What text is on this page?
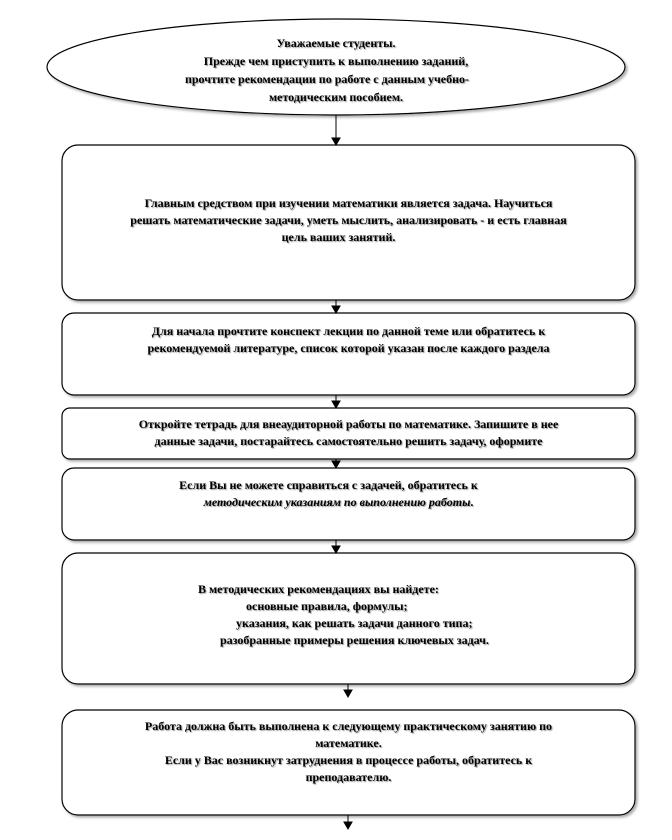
Уважаемые студенты.
Прежде чем приступить к выполнению заданий,
прочтите рекомендации по работе с данным учебно-
методическим пособием.
Главным средством при изучении математики является задача. Научиться
решать математические задачи, уметь мыслить, анализировать - и есть главная
цель ваших занятий.
Для начала прочтите конспект лекции по данной теме или обратитесь к
рекомендуемой литературе, список которой указан после каждого раздела
Откройте тетрадь для внеаудиторной работы по математике. Запишите в нее
данные задачи, постарайтесь самостоятельно решить задачу, оформите
Если Вы не можете справиться с задачей, обратитесь к
методическим указаниям по выполнению работы.
В методических рекомендациях вы найдете:
основные правила, формулы;
указания, как решать задачи данного типа;
разобранные примеры решения ключевых задач.
Работа должна быть выполнена к следующему практическому занятию по
математике.
Если у Вас возникнут затруднения в процессе работы, обратитесь к
преподавателю.
